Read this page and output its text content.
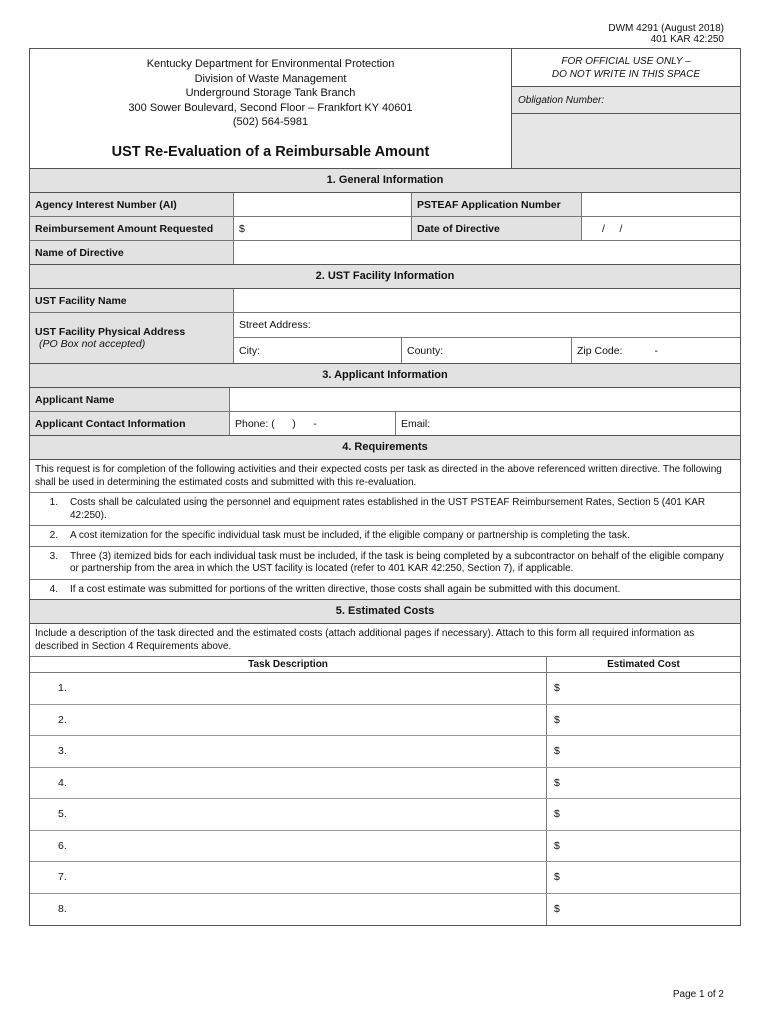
DWM 4291 (August 2018)
401 KAR 42:250
Kentucky Department for Environmental Protection
Division of Waste Management
Underground Storage Tank Branch
300 Sower Boulevard, Second Floor – Frankfort KY 40601
(502) 564-5981
UST Re-Evaluation of a Reimbursable Amount
FOR OFFICIAL USE ONLY –
DO NOT WRITE IN THIS SPACE
Obligation Number:
1. General Information
Agency Interest Number (AI)	PSTEAF Application Number
Reimbursement Amount Requested	$	Date of Directive	/     /
Name of Directive
2. UST Facility Information
UST Facility Name
UST Facility Physical Address
(PO Box not accepted)
Street Address:
City:	County:	Zip Code:	-
3. Applicant Information
Applicant Name
Applicant Contact Information	Phone: (      )      -	Email:
4. Requirements
This request is for completion of the following activities and their expected costs per task as directed in the above referenced written directive. The following shall be used in determining the estimated costs and submitted with this re-evaluation.
1.	Costs shall be calculated using the personnel and equipment rates established in the UST PSTEAF Reimbursement Rates, Section 5 (401 KAR 42:250).
2.	A cost itemization for the specific individual task must be included, if the eligible company or partnership is completing the task.
3.	Three (3) itemized bids for each individual task must be included, if the task is being completed by a subcontractor on behalf of the eligible company or partnership from the area in which the UST facility is located (refer to 401 KAR 42:250, Section 7), if applicable.
4.	If a cost estimate was submitted for portions of the written directive, those costs shall again be submitted with this document.
5. Estimated Costs
Include a description of the task directed and the estimated costs (attach additional pages if necessary). Attach to this form all required information as described in Section 4 Requirements above.
Task Description	Estimated Cost
1.	$
2.	$
3.	$
4.	$
5.	$
6.	$
7.	$
8.	$
Page 1 of 2
